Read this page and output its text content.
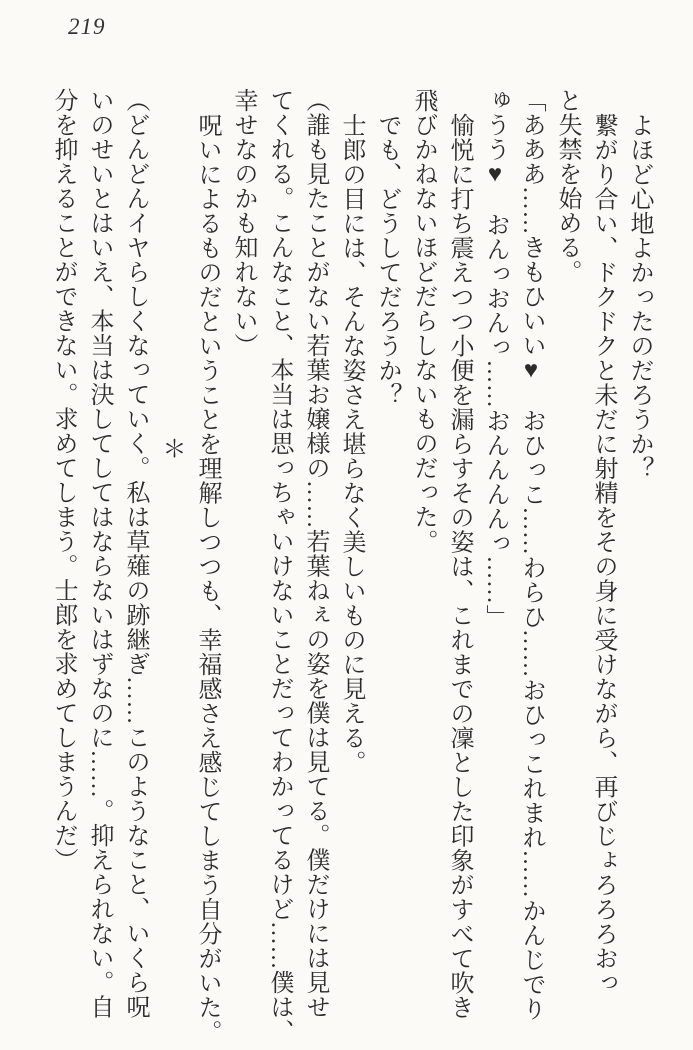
219

よほど心地よかったのだろうか？

繋がり合い、ドクドクと未だに射精をその身に受けながら、再びじょろろろおっ

と失禁を始める。

「あああ……きもひいい♥　おひっこ……わらひ……おひっこれまれ……かんじでり

ゅうう♥　おんっおんっ……おんんんんっ……」

愉悦に打ち震えつつ小便を漏らすその姿は、これまでの凜とした印象がすべて吹き

飛びかねないほどだらしないものだった。

でも、どうしてだろうか？

士郎の目には、そんな姿さえ堪らなく美しいものに見える。

（誰も見たことがない若葉お嬢様の……若葉ねぇの姿を僕は見てる。僕だけには見せ

てくれる。こんなこと、本当は思っちゃいけないことだってわかってるけど……僕は、

幸せなのかも知れない）

呪いによるものだということを理解しつつも、幸福感さえ感じてしまう自分がいた。

＊

（どんどんイヤらしくなっていく。私は草薙の跡継ぎ……このようなこと、いくら呪

いのせいとはいえ、本当は決してしてはならないはずなのに……。抑えられない。自

分を抑えることができない。求めてしまう。士郎を求めてしまうんだ）
